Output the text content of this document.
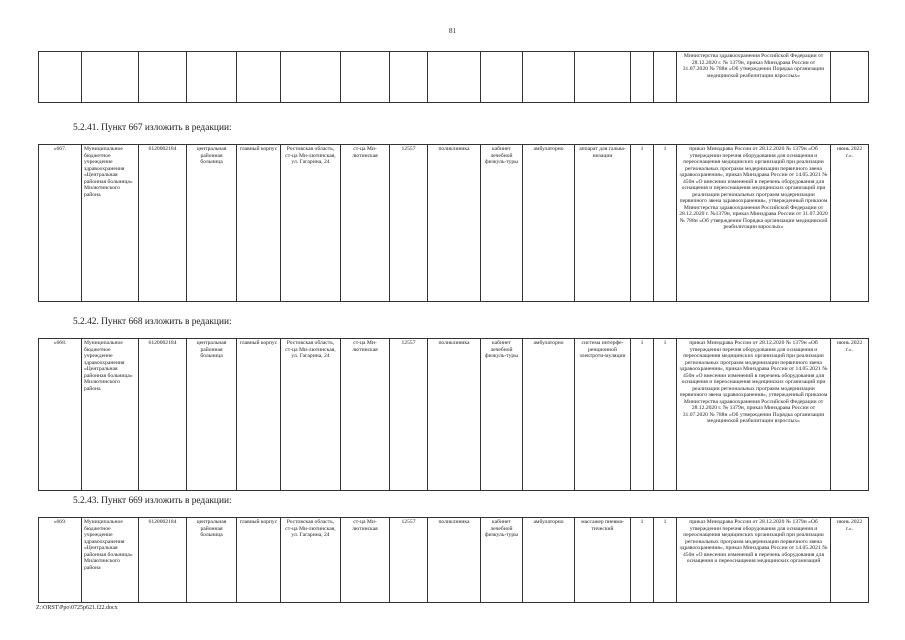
81
														Министерства здравоохранения Российской Федерации от 28.12.2020 г. № 1379н, приказ Минздрава России от 31.07.2020 № 788н «Об утверждении Порядка организации медицинской реабилитации взрослых»	
5.2.41. Пункт 667 изложить в редакции:
«667.	Муниципальное бюджетное учреждение здравоохранения «Центральная районная больница» Милютинского района	6120002184	центральная районная больница	главный корпус	Ростовская область, ст-ца Ми-лютинская, ул. Гагарина, 24	ст-ца Ми-лютинская	12557	поликлиника	кабинет лечебной физкуль-туры	амбулаторно	аппарат для гальва-низации	1	1	приказ Минздрава России от 28.12.2020 № 1379н «Об утверждении перечня оборудования для оснащения и переоснащения медицинских организаций при реализации региональных программ модернизации первичного звена здравоохранения», приказ Минздрава России от 14.05.2021 № 450н «О внесении изменений в перечень оборудования для оснащения и переоснащения медицинских организаций при реализации региональных программ модернизации первичного звена здравоохранения», утвержденный приказом Министерства здравоохранения Российской Федерации от 28.12.2020 г. №1379н, приказ Минздрава России от 31.07.2020 № 788н «Об утверждении Порядка организации медицинской реабилитации взрослых»	июнь 2022 г.».
5.2.42. Пункт 668 изложить в редакции:
«668.	Муниципальное бюджетное учреждение здравоохранения «Центральная районная больница» Милютинского района	6120002184	центральная районная больница	главный корпус	Ростовская область, ст-ца Ми-лютинская, ул. Гагарина, 24	ст-ца Ми-лютинская	12557	поликлиника	кабинет лечебной физкуль-туры	амбулаторно	система интерфе-ренционной электроти-муляции	1	1	приказ Минздрава России от 28.12.2020 № 1379н «Об утверждении перечня оборудования для оснащения и переоснащения медицинских организаций при реализации региональных программ модернизации первичного звена здравоохранения», приказ Минздрава России от 14.05.2021 № 450н «О внесении изменений в перечень оборудования для оснащения и переоснащения медицинских организаций при реализации региональных программ модернизации первичного звена здравоохранения», утвержденный приказом Министерства здравоохранения Российской Федерации от 28.12.2020 г. № 1379н, приказ Минздрава России от 31.07.2020 № 788н «Об утверждении Порядка организации медицинской реабилитации взрослых»	июнь 2022 г.».
5.2.43. Пункт 669 изложить в редакции:
«669.	Муниципальное бюджетное учреждение здравоохранения «Центральная районная больница» Милютинского района	6120002184	центральная районная больница	главный корпус	Ростовская область, ст-ца Ми-лютинская, ул. Гагарина, 24	ст-ца Ми-лютинская	12557	поликлиника	кабинет лечебной физкуль-туры	амбулаторно	массажер пневма-тический	1	1	приказ Минздрава России от 28.12.2020 № 1379н «Об утверждении перечня оборудования для оснащения и переоснащения медицинских организаций при реализации региональных программ модернизации первичного звена здравоохранения», приказ Минздрава России от 14.05.2021 № 450н «О внесении изменений в перечень оборудования для оснащения и переоснащения медицинских организаций	июнь 2022 г.».
Z:\ORST\Ppo\0725p621.f22.docx
